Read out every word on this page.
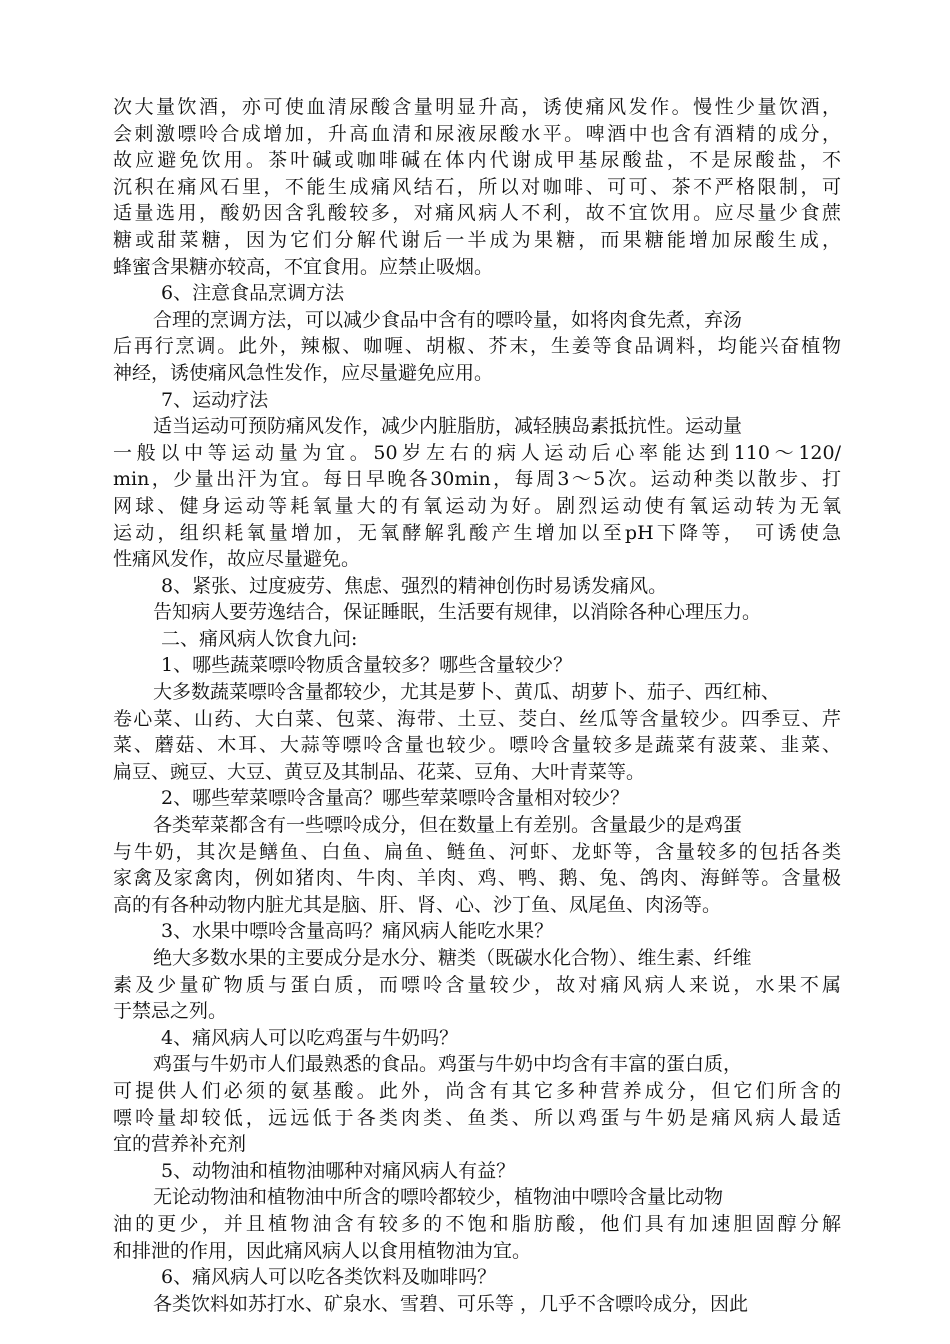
次大量饮酒，亦可使血清尿酸含量明显升高，诱使痛风发作。慢性少量饮酒，
会刺激嘌呤合成增加，升高血清和尿液尿酸水平。啤酒中也含有酒精的成分，
故应避免饮用。茶叶碱或咖啡碱在体内代谢成甲基尿酸盐，不是尿酸盐，不
沉积在痛风石里，不能生成痛风结石，所以对咖啡、可可、茶不严格限制，可
适量选用，酸奶因含乳酸较多，对痛风病人不利，故不宜饮用。应尽量少食蔗
糖或甜菜糖，因为它们分解代谢后一半成为果糖，而果糖能增加尿酸生成，
蜂蜜含果糖亦较高，不宜食用。应禁止吸烟。
6、注意食品烹调方法
合理的烹调方法，可以减少食品中含有的嘌呤量，如将肉食先煮，弃汤
后再行烹调。此外，辣椒、咖喱、胡椒、芥末，生姜等食品调料，均能兴奋植物
神经，诱使痛风急性发作，应尽量避免应用。
7、运动疗法
适当运动可预防痛风发作，减少内脏脂肪，减轻胰岛素抵抗性。运动量
一般以中等运动量为宜。50岁左右的病人运动后心率能达到110～120/
min，少量出汗为宜。每日早晚各30min，每周3～5次。运动种类以散步、打
网球、健身运动等耗氧量大的有氧运动为好。剧烈运动使有氧运动转为无氧
运动，组织耗氧量增加，无氧酵解乳酸产生增加以至pH下降等， 可诱使急
性痛风发作，故应尽量避免。
8、紧张、过度疲劳、焦虑、强烈的精神创伤时易诱发痛风。
告知病人要劳逸结合，保证睡眠，生活要有规律，以消除各种心理压力。
二、痛风病人饮食九问:
1、哪些蔬菜嘌呤物质含量较多？哪些含量较少？
大多数蔬菜嘌呤含量都较少，尤其是萝卜、黄瓜、胡萝卜、茄子、西红柿、
卷心菜、山药、大白菜、包菜、海带、土豆、茭白、丝瓜等含量较少。四季豆、芹
菜、蘑菇、木耳、大蒜等嘌呤含量也较少。嘌呤含量较多是蔬菜有菠菜、韭菜、
扁豆、豌豆、大豆、黄豆及其制品、花菜、豆角、大叶青菜等。
2、哪些荤菜嘌呤含量高？哪些荤菜嘌呤含量相对较少？
各类荤菜都含有一些嘌呤成分，但在数量上有差别。含量最少的是鸡蛋
与牛奶，其次是鳝鱼、白鱼、扁鱼、鲢鱼、河虾、龙虾等，含量较多的包括各类
家禽及家禽肉，例如猪肉、牛肉、羊肉、鸡、鸭、鹅、兔、鸽肉、海鲜等。含量极
高的有各种动物内脏尤其是脑、肝、肾、心、沙丁鱼、凤尾鱼、肉汤等。
3、水果中嘌呤含量高吗？痛风病人能吃水果？
绝大多数水果的主要成分是水分、糖类（既碳水化合物）、维生素、纤维
素及少量矿物质与蛋白质，而嘌呤含量较少，故对痛风病人来说，水果不属
于禁忌之列。
4、痛风病人可以吃鸡蛋与牛奶吗？
鸡蛋与牛奶市人们最熟悉的食品。鸡蛋与牛奶中均含有丰富的蛋白质，
可提供人们必须的氨基酸。此外，尚含有其它多种营养成分，但它们所含的
嘌呤量却较低，远远低于各类肉类、鱼类、所以鸡蛋与牛奶是痛风病人最适
宜的营养补充剂
5、动物油和植物油哪种对痛风病人有益？
无论动物油和植物油中所含的嘌呤都较少，植物油中嘌呤含量比动物
油的更少，并且植物油含有较多的不饱和脂肪酸，他们具有加速胆固醇分解
和排泄的作用，因此痛风病人以食用植物油为宜。
6、痛风病人可以吃各类饮料及咖啡吗？
各类饮料如苏打水、矿泉水、雪碧、可乐等 ，几乎不含嘌呤成分，因此
